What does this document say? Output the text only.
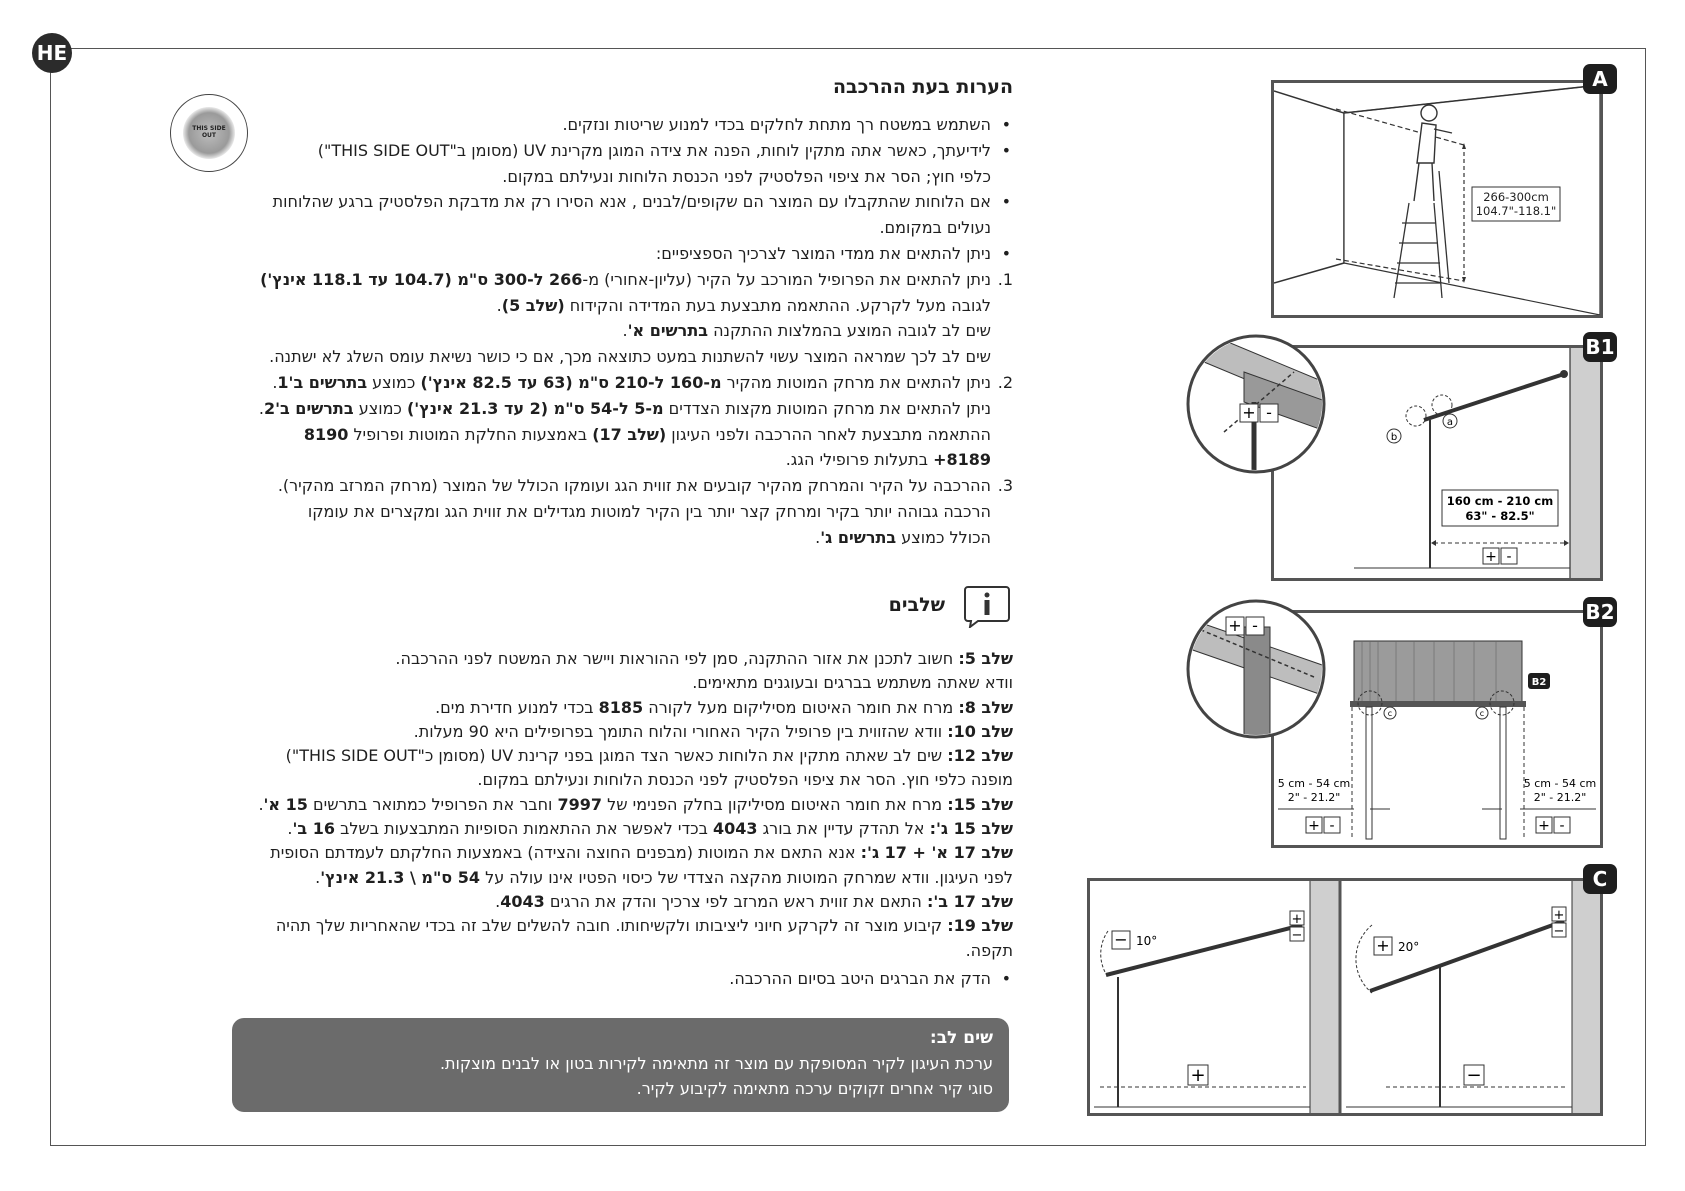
HE
הערות בעת ההרכבה
THIS SIDE OUT
• השתמש במשטח רך מתחת לחלקים בכדי למנוע שריטות ונזקים.
• לידיעתך, כאשר אתה מתקין לוחות, הפנה את צידה המוגן מקרינת UV (מסומן ב"THIS SIDE OUT")
כלפי חוץ; הסר את ציפוי הפלסטיק לפני הכנסת הלוחות ונעילתם במקום.
• אם הלוחות שהתקבלו עם המוצר הם שקופים/לבנים , אנא הסירו רק את מדבקת הפלסטיק ברגע שהלוחות
נעולים במקומם.
• ניתן להתאים את ממדי המוצר לצרכיך הספציפיים:
1.
ניתן להתאים את הפרופיל המורכב על הקיר (עליון-אחורי) מ-266 ל-300 ס"מ (104.7 עד 118.1 אינץ')
לגובה מעל לקרקע. ההתאמה מתבצעת בעת המדידה והקידוח (שלב 5).
שים לב לגובה המוצע בהמלצות ההתקנה בתרשים א'.
שים לב לכך שמראה המוצר עשוי להשתנות במעט כתוצאה מכך, אם כי כושר נשיאת עומס השלג לא ישתנה.
2.
ניתן להתאים את מרחק המוטות מהקיר מ-160 ל-210 ס"מ (63 עד 82.5 אינץ') כמוצע בתרשים ב'1.
ניתן להתאים את מרחק המוטות מקצות הצדדים מ-5 ל-54 ס"מ (2 עד 21.3 אינץ') כמוצע בתרשים ב'2.
ההתאמה מתבצעת לאחר ההרכבה ולפני העיגון (שלב 17) באמצעות החלקת המוטות ופרופיל 8190
8189+ בתעלות פרופילי הגג.
3.
ההרכבה על הקיר והמרחק מהקיר קובעים את זווית הגג ועומקו הכולל של המוצר (מרחק המרזב מהקיר).
הרכבה גבוהה יותר בקיר ומרחק קצר יותר בין הקיר למוטות מגדילים את זווית הגג ומקצרים את עומקו
הכולל כמוצע בתרשים ג'.
שלבים
שלב 5: חשוב לתכנן את אזור ההתקנה, סמן לפי ההוראות ויישר את המשטח לפני ההרכבה.
וודא שאתה משתמש בברגים ובעוגנים מתאימים.
שלב 8: מרח את חומר האיטום מסיליקום מעל לקורה 8185 בכדי למנוע חדירת מים.
שלב 10: וודא שהזווית בין פרופיל הקיר האחורי והלוח התומך בפרופילים היא 90 מעלות.
שלב 12: שים לב שאתה מתקין את הלוחות כאשר הצד המוגן בפני קרינת UV (מסומן כ"THIS SIDE OUT")
מופנה כלפי חוץ. הסר את ציפוי הפלסטיק לפני הכנסת הלוחות ונעילתם במקום.
שלב 15: מרח את חומר האיטום מסיליקון בחלק הפנימי של 7997 וחבר את הפרופיל כמתואר בתרשים 15 א'.
שלב 15 ג': אל תהדק עדיין את בורג 4043 בכדי לאפשר את ההתאמות הסופיות המתבצעות בשלב 16 ב'.
שלב 17 א' + 17 ג': אנא התאם את המוטות (מבפנים החוצה והצידה) באמצעות החלקתם לעמדתם הסופית
לפני העיגון. וודא שמרחק המוטות מהקצה הצדדי של כיסוי הפטיו אינו עולה על 54 ס"מ \ 21.3 אינץ'.
שלב 17 ב': התאם את זווית ראש המרזב לפי צרכיך והדק את הרגים 4043.
שלב 19: קיבוע מוצר זה לקרקע חיוני ליציבותו ולקשיחותו. חובה להשלים שלב זה בכדי שהאחריות שלך תהיה
תקפה.
• הדק את הברגים היטב בסיום ההרכבה.
שים לב:
ערכת העיגון לקיר המסופקת עם מוצר זה מתאימה לקירות בטון או לבנים מוצקות.
סוגי קיר אחרים זקוקים ערכה מתאימה לקיבוע לקיר.
266-300cm
104.7"-118.1"
A
a
b
160 cm - 210 cm
63" - 82.5"
+ -
+ -
B1
c	c
B2
5 cm - 54 cm
2" - 21.2"
5 cm - 54 cm
2" - 21.2"
+ -	+ -
+ -
B2
− 10°
+
−
+
+ 20°
+
−
−
C
